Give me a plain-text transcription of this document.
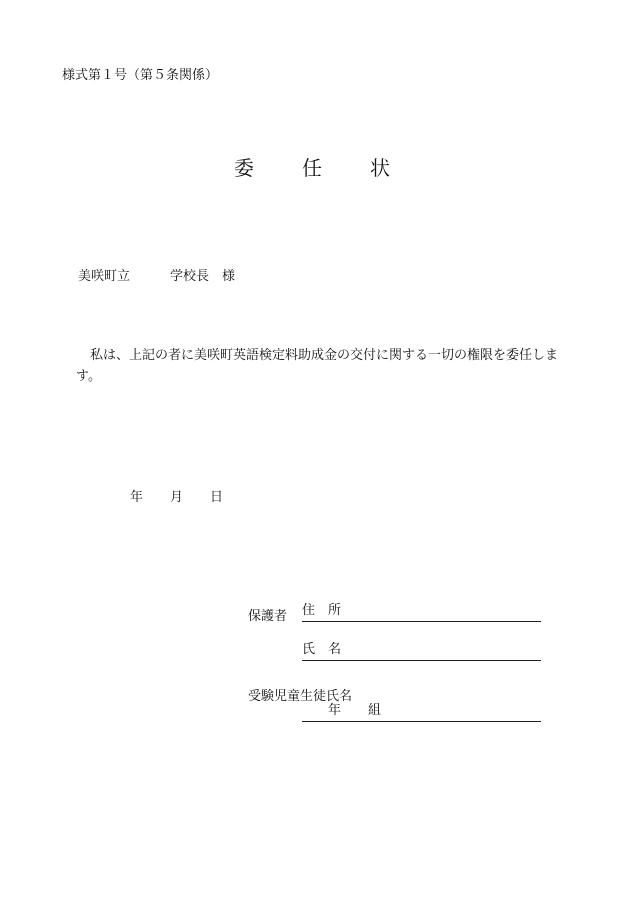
様式第１号（第５条関係）
委　任　状
美咲町立	学校長 様

私は、上記の者に美咲町英語検定料助成金の交付に関する一切の権限を委任します。

年 月 日
保護者 住　所
氏　名
受験児童生徒氏名
年 組
